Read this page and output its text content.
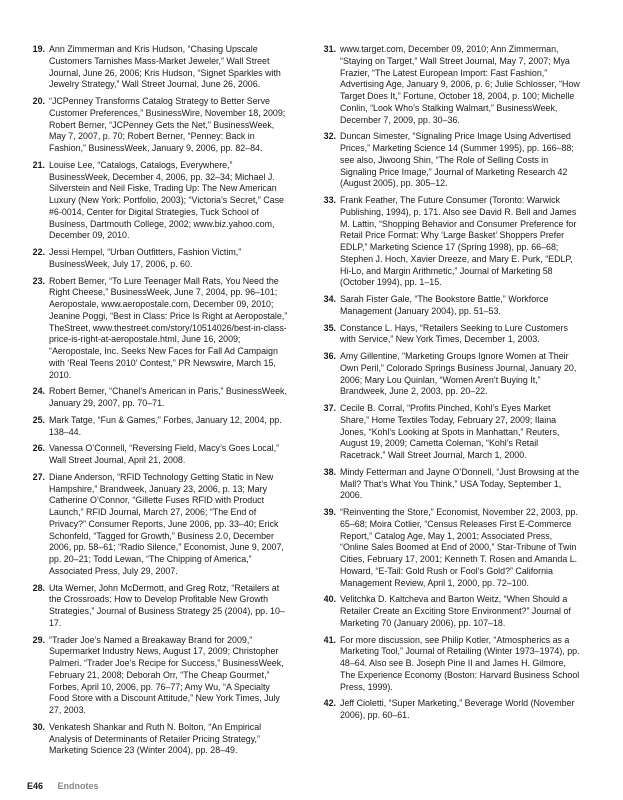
19. Ann Zimmerman and Kris Hudson, “Chasing Upscale Customers Tarnishes Mass-Market Jeweler,” Wall Street Journal, June 26, 2006; Kris Hudson, “Signet Sparkles with Jewelry Strategy,” Wall Street Journal, June 26, 2006.
20. “JCPenney Transforms Catalog Strategy to Better Serve Customer Preferences,” BusinessWire, November 18, 2009; Robert Berner, “JCPenney Gets the Net,” BusinessWeek, May 7, 2007, p. 70; Robert Berner, “Penney: Back in Fashion,” BusinessWeek, January 9, 2006, pp. 82–84.
21. Louise Lee, “Catalogs, Catalogs, Everywhere,” BusinessWeek, December 4, 2006, pp. 32–34; Michael J. Silverstein and Neil Fiske, Trading Up: The New American Luxury (New York: Portfolio, 2003); “Victoria’s Secret,” Case #6-0014, Center for Digital Strategies, Tuck School of Business, Dartmouth College, 2002; www.biz.yahoo.com, December 09, 2010.
22. Jessi Hempel, “Urban Outfitters, Fashion Victim,” BusinessWeek, July 17, 2006, p. 60.
23. Robert Berner, “To Lure Teenager Mall Rats, You Need the Right Cheese,” BusinessWeek, June 7, 2004, pp. 96–101; Aeropostale, www.aeropostale.com, December 09, 2010; Jeanine Poggi, “Best in Class: Price Is Right at Aeropostale,” TheStreet, www.thestreet.com/story/10514026/best-in-class-price-is-right-at-aeropostale.html, June 16, 2009; “Aeropostale, Inc. Seeks New Faces for Fall Ad Campaign with ‘Real Teens 2010’ Contest,” PR Newswire, March 15, 2010.
24. Robert Berner, “Chanel’s American in Paris,” BusinessWeek, January 29, 2007, pp. 70–71.
25. Mark Tatge, “Fun & Games,” Forbes, January 12, 2004, pp. 138–44.
26. Vanessa O’Connell, “Reversing Field, Macy’s Goes Local,” Wall Street Journal, April 21, 2008.
27. Diane Anderson, “RFID Technology Getting Static in New Hampshire,” Brandweek, January 23, 2006, p. 13; Mary Catherine O’Connor, “Gillette Fuses RFID with Product Launch,” RFID Journal, March 27, 2006; “The End of Privacy?” Consumer Reports, June 2006, pp. 33–40; Erick Schonfeld, “Tagged for Growth,” Business 2.0, December 2006, pp. 58–61; “Radio Silence,” Economist, June 9, 2007, pp. 20–21; Todd Lewan, “The Chipping of America,” Associated Press, July 29, 2007.
28. Uta Werner, John McDermott, and Greg Rotz, “Retailers at the Crossroads: How to Develop Profitable New Growth Strategies,” Journal of Business Strategy 25 (2004), pp. 10–17.
29. “Trader Joe’s Named a Breakaway Brand for 2009,” Supermarket Industry News, August 17, 2009; Christopher Palmeri. “Trader Joe’s Recipe for Success,” BusinessWeek, February 21, 2008; Deborah Orr, “The Cheap Gourmet,” Forbes, April 10, 2006, pp. 76–77; Amy Wu, “A Specialty Food Store with a Discount Attitude,” New York Times, July 27, 2003.
30. Venkatesh Shankar and Ruth N. Bolton, “An Empirical Analysis of Determinants of Retailer Pricing Strategy,” Marketing Science 23 (Winter 2004), pp. 28–49.
31. www.target.com, December 09, 2010; Ann Zimmerman, “Staying on Target,” Wall Street Journal, May 7, 2007; Mya Frazier, “The Latest European Import: Fast Fashion,” Advertising Age, January 9, 2006, p. 6; Julie Schlosser, “How Target Does It,” Fortune, October 18, 2004, p. 100; Michelle Conlin, “Look Who’s Stalking Walmart,” BusinessWeek, December 7, 2009, pp. 30–36.
32. Duncan Simester, “Signaling Price Image Using Advertised Prices,” Marketing Science 14 (Summer 1995), pp. 166–88; see also, Jiwoong Shin, “The Role of Selling Costs in Signaling Price Image,” Journal of Marketing Research 42 (August 2005), pp. 305–12.
33. Frank Feather, The Future Consumer (Toronto: Warwick Publishing, 1994), p. 171. Also see David R. Bell and James M. Lattin, “Shopping Behavior and Consumer Preference for Retail Price Format: Why ‘Large Basket’ Shoppers Prefer EDLP,” Marketing Science 17 (Spring 1998), pp. 66–68; Stephen J. Hoch, Xavier Dreeze, and Mary E. Purk, “EDLP, Hi-Lo, and Margin Arithmetic,” Journal of Marketing 58 (October 1994), pp. 1–15.
34. Sarah Fister Gale, “The Bookstore Battle,” Workforce Management (January 2004), pp. 51–53.
35. Constance L. Hays, “Retailers Seeking to Lure Customers with Service,” New York Times, December 1, 2003.
36. Amy Gillentine, “Marketing Groups Ignore Women at Their Own Peril,” Colorado Springs Business Journal, January 20, 2006; Mary Lou Quinlan, “Women Aren’t Buying It,” Brandweek, June 2, 2003, pp. 20–22.
37. Cecile B. Corral, “Profits Pinched, Kohl’s Eyes Market Share,” Home Textiles Today, February 27, 2009; Ilaina Jones, “Kohl’s Looking at Spots in Manhattan,” Reuters, August 19, 2009; Cametta Coleman, “Kohl’s Retail Racetrack,” Wall Street Journal, March 1, 2000.
38. Mindy Fetterman and Jayne O’Donnell, “Just Browsing at the Mall? That’s What You Think,” USA Today, September 1, 2006.
39. “Reinventing the Store,” Economist, November 22, 2003, pp. 65–68; Moira Cotlier, “Census Releases First E-Commerce Report,” Catalog Age, May 1, 2001; Associated Press, “Online Sales Boomed at End of 2000,” Star-Tribune of Twin Cities, February 17, 2001; Kenneth T. Rosen and Amanda L. Howard, “E-Tail: Gold Rush or Fool’s Gold?” California Management Review, April 1, 2000, pp. 72–100.
40. Velitchka D. Kaltcheva and Barton Weitz, “When Should a Retailer Create an Exciting Store Environment?” Journal of Marketing 70 (January 2006), pp. 107–18.
41. For more discussion, see Philip Kotler, “Atmospherics as a Marketing Tool,” Journal of Retailing (Winter 1973–1974), pp. 48–64. Also see B. Joseph Pine II and James H. Gilmore, The Experience Economy (Boston: Harvard Business School Press, 1999).
42. Jeff Cioletti, “Super Marketing,” Beverage World (November 2006), pp. 60–61.
E46 Endnotes
